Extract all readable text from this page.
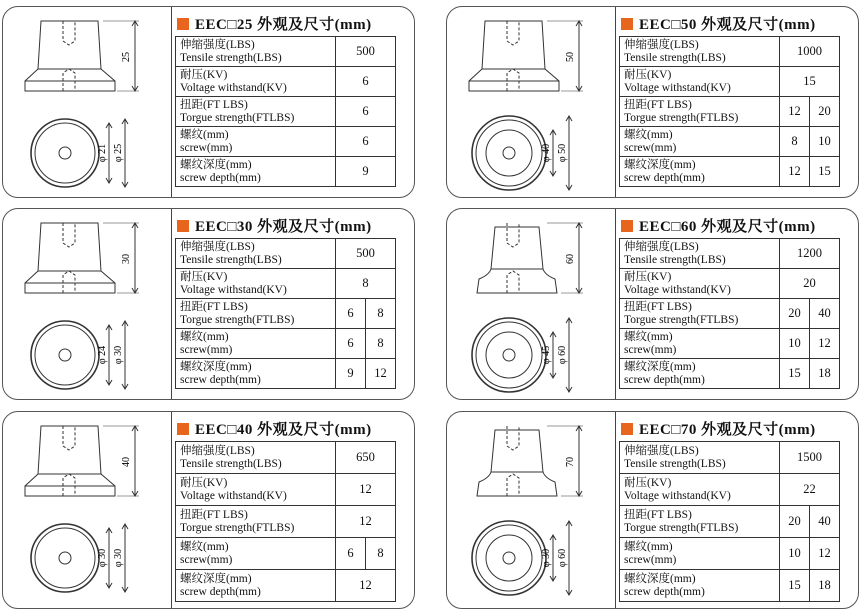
25
φ 21 φ 25
EEC□25 外观及尺寸(mm)
伸缩强度(LBS)
Tensile strength(LBS)	500

耐压(KV)
Voltage withstand(KV)	6

扭距(FT LBS)
Torgue strength(FTLBS)	6

螺纹(mm)
screw(mm)	6

螺纹深度(mm)
screw depth(mm)	9
50
φ 40 φ 50
EEC□50 外观及尺寸(mm)
伸缩强度(LBS)
Tensile strength(LBS)	1000	

耐压(KV)
Voltage withstand(KV)	15	

扭距(FT LBS)
Torgue strength(FTLBS)	12	20

螺纹(mm)
screw(mm)	8	10

螺纹深度(mm)
screw depth(mm)	12	15
30
φ 24 φ 30
EEC□30 外观及尺寸(mm)
伸缩强度(LBS)
Tensile strength(LBS)	500	

耐压(KV)
Voltage withstand(KV)	8	

扭距(FT LBS)
Torgue strength(FTLBS)	6	8

螺纹(mm)
screw(mm)	6	8

螺纹深度(mm)
screw depth(mm)	9	12
60
φ 45 φ 60
EEC□60 外观及尺寸(mm)
伸缩强度(LBS)
Tensile strength(LBS)	1200	

耐压(KV)
Voltage withstand(KV)	20	

扭距(FT LBS)
Torgue strength(FTLBS)	20	40

螺纹(mm)
screw(mm)	10	12

螺纹深度(mm)
screw depth(mm)	15	18
40
φ 30 φ 30
EEC□40 外观及尺寸(mm)
伸缩强度(LBS)
Tensile strength(LBS)	650	

耐压(KV)
Voltage withstand(KV)	12	

扭距(FT LBS)
Torgue strength(FTLBS)	12	

螺纹(mm)
screw(mm)	6	8

螺纹深度(mm)
screw depth(mm)	12	
70
φ 30 φ 60
EEC□70 外观及尺寸(mm)
伸缩强度(LBS)
Tensile strength(LBS)	1500	

耐压(KV)
Voltage withstand(KV)	22	

扭距(FT LBS)
Torgue strength(FTLBS)	20	40

螺纹(mm)
screw(mm)	10	12

螺纹深度(mm)
screw depth(mm)	15	18
